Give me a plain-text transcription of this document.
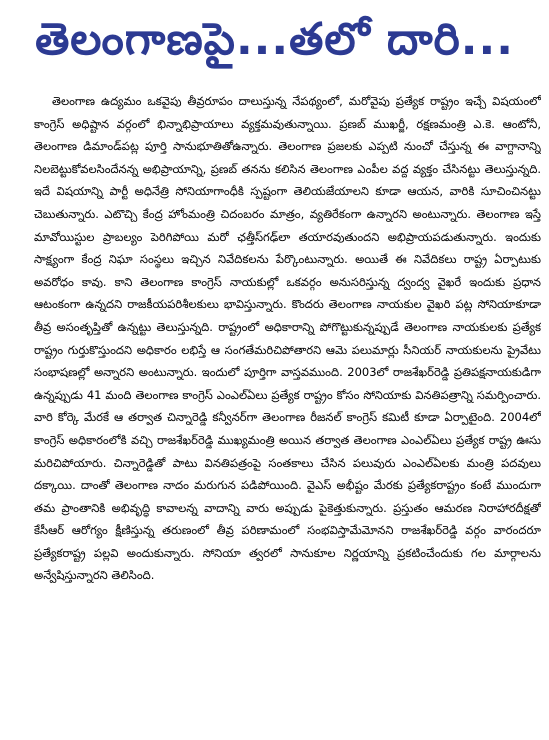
తెలంగాణపై...తలో దారి...

తెలంగాణ ఉద్యమం ఒకవైపు తీవ్రరూపం దాలుస్తున్న నేపథ్యంలో, మరోవైపు ప్రత్యేక రాష్ట్రం ఇచ్చే విషయంలో కాంగ్రెస్ అధిష్టాన వర్గంలో భిన్నాభిప్రాయాలు వ్యక్తమవుతున్నాయి. ప్రణబ్ ముఖర్జీ, రక్షణమంత్రి ఎ.కె. ఆంటోనీ, తెలంగాణ డిమాండ్‌పట్ల పూర్తి సానుభూతితోఉన్నారు. తెలంగాణ ప్రజలకు ఎప్పటి నుంచో చేస్తున్న ఈ వాగ్దానాన్ని నిలబెట్టుకోవలసిందేనన్న అభిప్రాయాన్ని, ప్రణబ్ తనను కలిసిన తెలంగాణ ఎంపీల వద్ద వ్యక్తం చేసినట్టు తెలుస్తున్నది. ఇదే విషయాన్ని పార్టీ అధినేత్రి సోనియాగాంధీకి స్పష్టంగా తెలియజేయాలని కూడా ఆయన, వారికి సూచించినట్టు చెబుతున్నారు. ఎటొచ్చి కేంద్ర హోంమంత్రి చిదంబరం మాత్రం, వ్యతిరేకంగా ఉన్నారని అంటున్నారు. తెలంగాణ ఇస్తే మావోయిస్టుల ప్రాబల్యం పెరిగిపోయి మరో ఛత్తీస్‌గఢ్‌లా తయారవుతుందని అభిప్రాయపడుతున్నారు. ఇందుకు సాక్ష్యంగా కేంద్ర నిఘా సంస్థలు ఇచ్చిన నివేదికలను పేర్కొంటున్నారు. అయితే ఈ నివేదికలు రాష్ట్ర ఏర్పాటుకు అవరోధం కావు. కాని తెలంగాణ కాంగ్రెస్ నాయకుల్లో ఒకవర్గం అనుసరిస్తున్న ద్వంద్వ వైఖరే ఇందుకు ప్రధాన ఆటంకంగా ఉన్నదని రాజకీయపరిశీలకులు భావిస్తున్నారు. కొందరు తెలంగాణ నాయకుల వైఖరి పట్ల సోనియాకూడా తీవ్ర అసంతృప్తితో ఉన్నట్టు తెలుస్తున్నది. రాష్ట్రంలో అధికారాన్ని పోగొట్టుకున్నప్పుడే తెలంగాణ నాయకులకు ప్రత్యేక రాష్ట్రం గుర్తుకొస్తుందని అధికారం లభిస్తే ఆ సంగతేమరిచిపోతారని ఆమె పలుమార్లు సీనియర్ నాయకులను ప్రైవేటు సంభాషణల్లో అన్నారని అంటున్నారు. ఇందులో పూర్తిగా వాస్తవముంది. 2003లో రాజశేఖర్‌రెడ్డి ప్రతిపక్షనాయకుడిగా ఉన్నప్పుడు 41 మంది తెలంగాణ కాంగ్రెస్ ఎంఎల్‌ఏలు ప్రత్యేక రాష్ట్రం కోసం సోనియాకు వినతిపత్రాన్ని సమర్పించారు. వారి కోర్కె మేరకే ఆ తర్వాత చిన్నారెడ్డి కన్వీనర్‌గా తెలంగాణ రీజనల్ కాంగ్రెస్ కమిటీ కూడా ఏర్పాటైంది. 2004లో కాంగ్రెస్ అధికారంలోకి వచ్చి రాజశేఖర్‌రెడ్డి ముఖ్యమంత్రి అయిన తర్వాత తెలంగాణ ఎంఎల్‌ఏలు ప్రత్యేక రాష్ట్ర ఊసు మరిచిపోయారు. చిన్నారెడ్డితో పాటు వినతిపత్రంపై సంతకాలు చేసిన పలువురు ఎంఎల్‌ఏలకు మంత్రి పదవులు దక్కాయి. దాంతో తెలంగాణ నాదం మరుగున పడిపోయింది. వైఎస్ అభీష్టం మేరకు ప్రత్యేకరాష్ట్రం కంటే ముందుగా తమ ప్రాంతానికి అభివృద్ధి కావాలన్న వాదాన్ని వారు అప్పుడు పైకెత్తుకున్నారు. ప్రస్తుతం ఆమరణ నిరాహారదీక్షతో కేసీఆర్ ఆరోగ్యం క్షీణిస్తున్న తరుణంలో తీవ్ర పరిణామంలో సంభవిస్తామేమోనని రాజశేఖర్‌రెడ్డి వర్గం వారందరూ ప్రత్యేకరాష్ట్ర పల్లవి అందుకున్నారు. సోనియా త్వరలో సానుకూల నిర్ణయాన్ని ప్రకటించేందుకు గల మార్గాలను అన్వేషిస్తున్నారని తెలిసింది.
